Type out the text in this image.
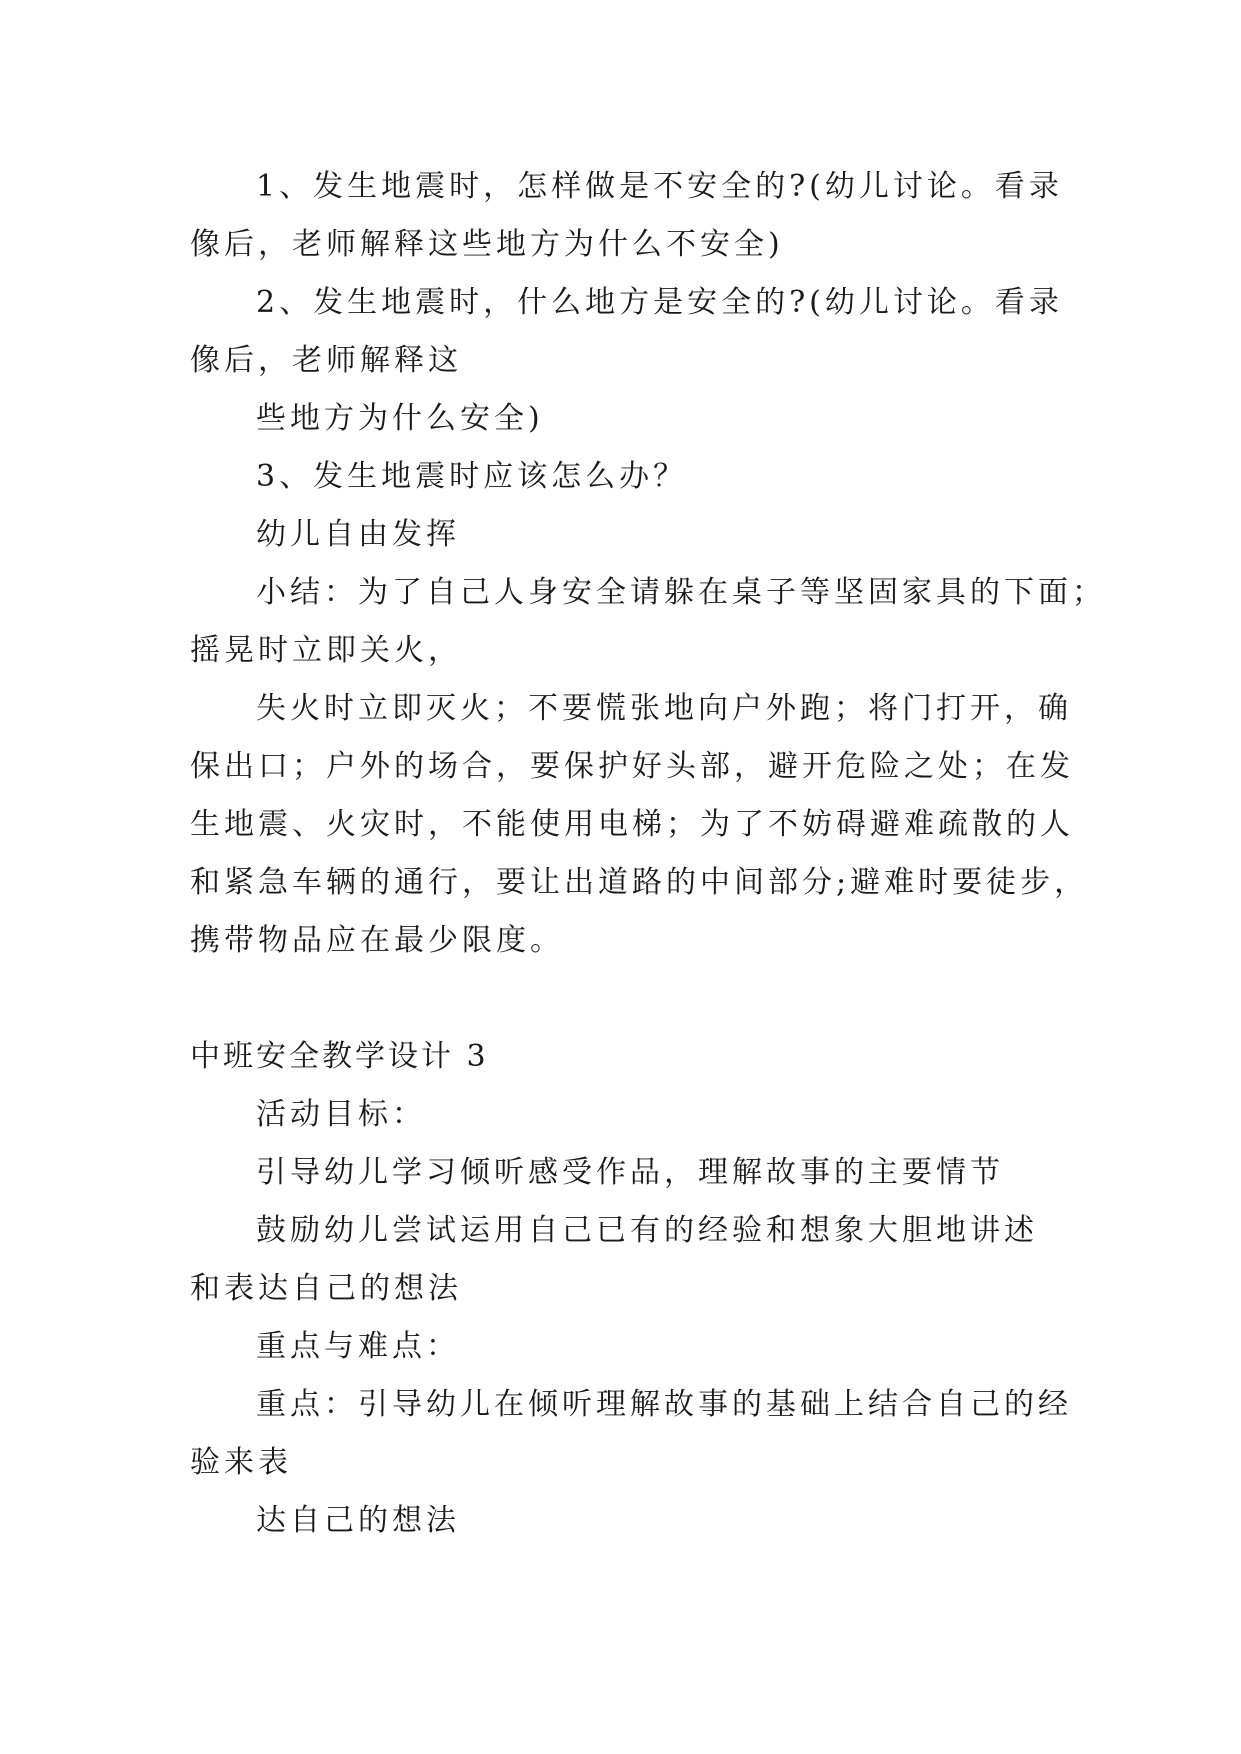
1、发生地震时，怎样做是不安全的?(幼儿讨论。看录
像后，老师解释这些地方为什么不安全)
2、发生地震时，什么地方是安全的?(幼儿讨论。看录
像后，老师解释这
些地方为什么安全)
3、发生地震时应该怎么办？
幼儿自由发挥
小结：为了自己人身安全请躲在桌子等坚固家具的下面；
摇晃时立即关火，
失火时立即灭火；不要慌张地向户外跑；将门打开，确
保出口；户外的场合，要保护好头部，避开危险之处；在发
生地震、火灾时，不能使用电梯；为了不妨碍避难疏散的人
和紧急车辆的通行，要让出道路的中间部分;避难时要徒步，
携带物品应在最少限度。
中班安全教学设计 3
活动目标：
引导幼儿学习倾听感受作品，理解故事的主要情节
鼓励幼儿尝试运用自己已有的经验和想象大胆地讲述
和表达自己的想法
重点与难点：
重点：引导幼儿在倾听理解故事的基础上结合自己的经
验来表
达自己的想法
